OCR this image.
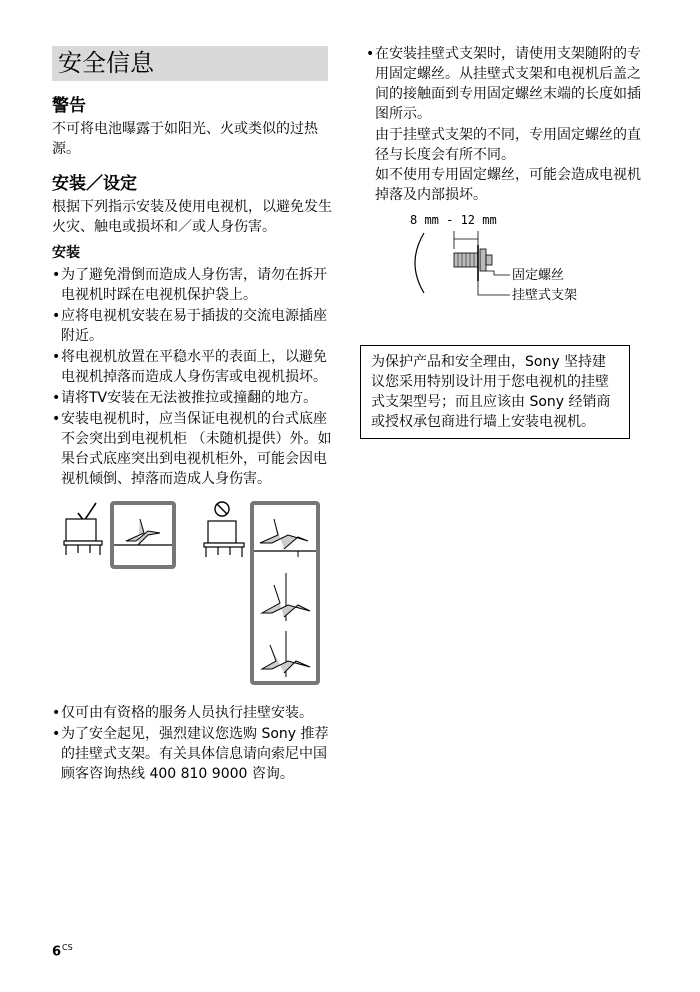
安全信息
警告

不可将电池曝露于如阳光、火或类似的过热源。

安装／设定

根据下列指示安装及使用电视机，以避免发生火灾、触电或损坏和／或人身伤害。

安装
• 为了避免滑倒而造成人身伤害，请勿在拆开电视机时踩在电视机保护袋上。
• 应将电视机安装在易于插拔的交流电源插座附近。
• 将电视机放置在平稳水平的表面上，以避免电视机掉落而造成人身伤害或电视机损坏。
• 请将TV安装在无法被推拉或撞翻的地方。
• 安装电视机时，应当保证电视机的台式底座不会突出到电视机柜 （未随机提供）外。如果台式底座突出到电视机柜外，可能会因电视机倾倒、掉落而造成人身伤害。
• 仅可由有资格的服务人员执行挂壁安装。
• 为了安全起见，强烈建议您选购 Sony 推荐的挂壁式支架。有关具体信息请向索尼中国顾客咨询热线 400 810 9000 咨询。
• 在安装挂壁式支架时，请使用支架随附的专用固定螺丝。从挂壁式支架和电视机后盖之间的接触面到专用固定螺丝末端的长度如插图所示。

由于挂壁式支架的不同，专用固定螺丝的直径与长度会有所不同。

如不使用专用固定螺丝，可能会造成电视机掉落及内部损坏。

8 mm - 12 mm
固定螺丝
挂壁式支架
为保护产品和安全理由，Sony 坚持建议您采用特别设计用于您电视机的挂壁式支架型号；而且应该由 Sony 经销商或授权承包商进行墙上安装电视机。
$6^{CS}$
